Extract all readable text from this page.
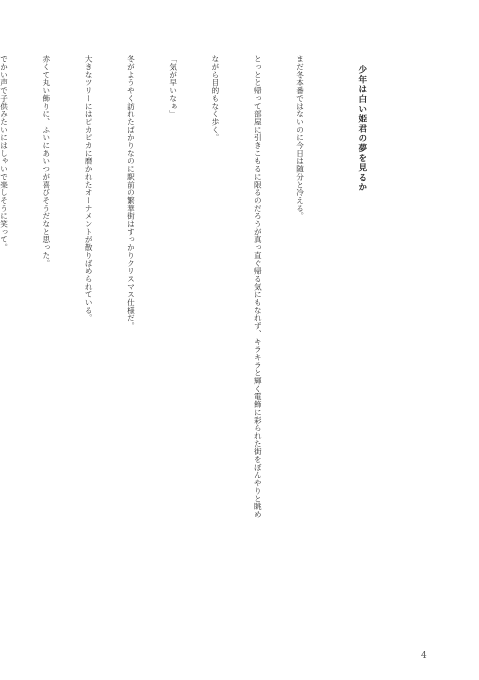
少年は白い姫君の夢を見るか

まだ冬本番ではないのに今日は随分と冷える。

とっとと帰って部屋に引きこもるに限るのだろうが真っ直ぐ帰る気にもなれず、キラキラと輝く電飾に彩られた街をぼんやりと眺め

ながら目的もなく歩く。

「気が早いなぁ」

冬がようやく訪れたばかりなのに駅前の繁華街はすっかりクリスマス仕様だ。

大きなツリーにはピカピカに磨かれたオーナメントが散りばめられている。

赤くて丸い飾りに、ふいにあいつが喜びそうだなと思った。

でかい声で子供みたいにはしゃいで楽しそうに笑って。

4
